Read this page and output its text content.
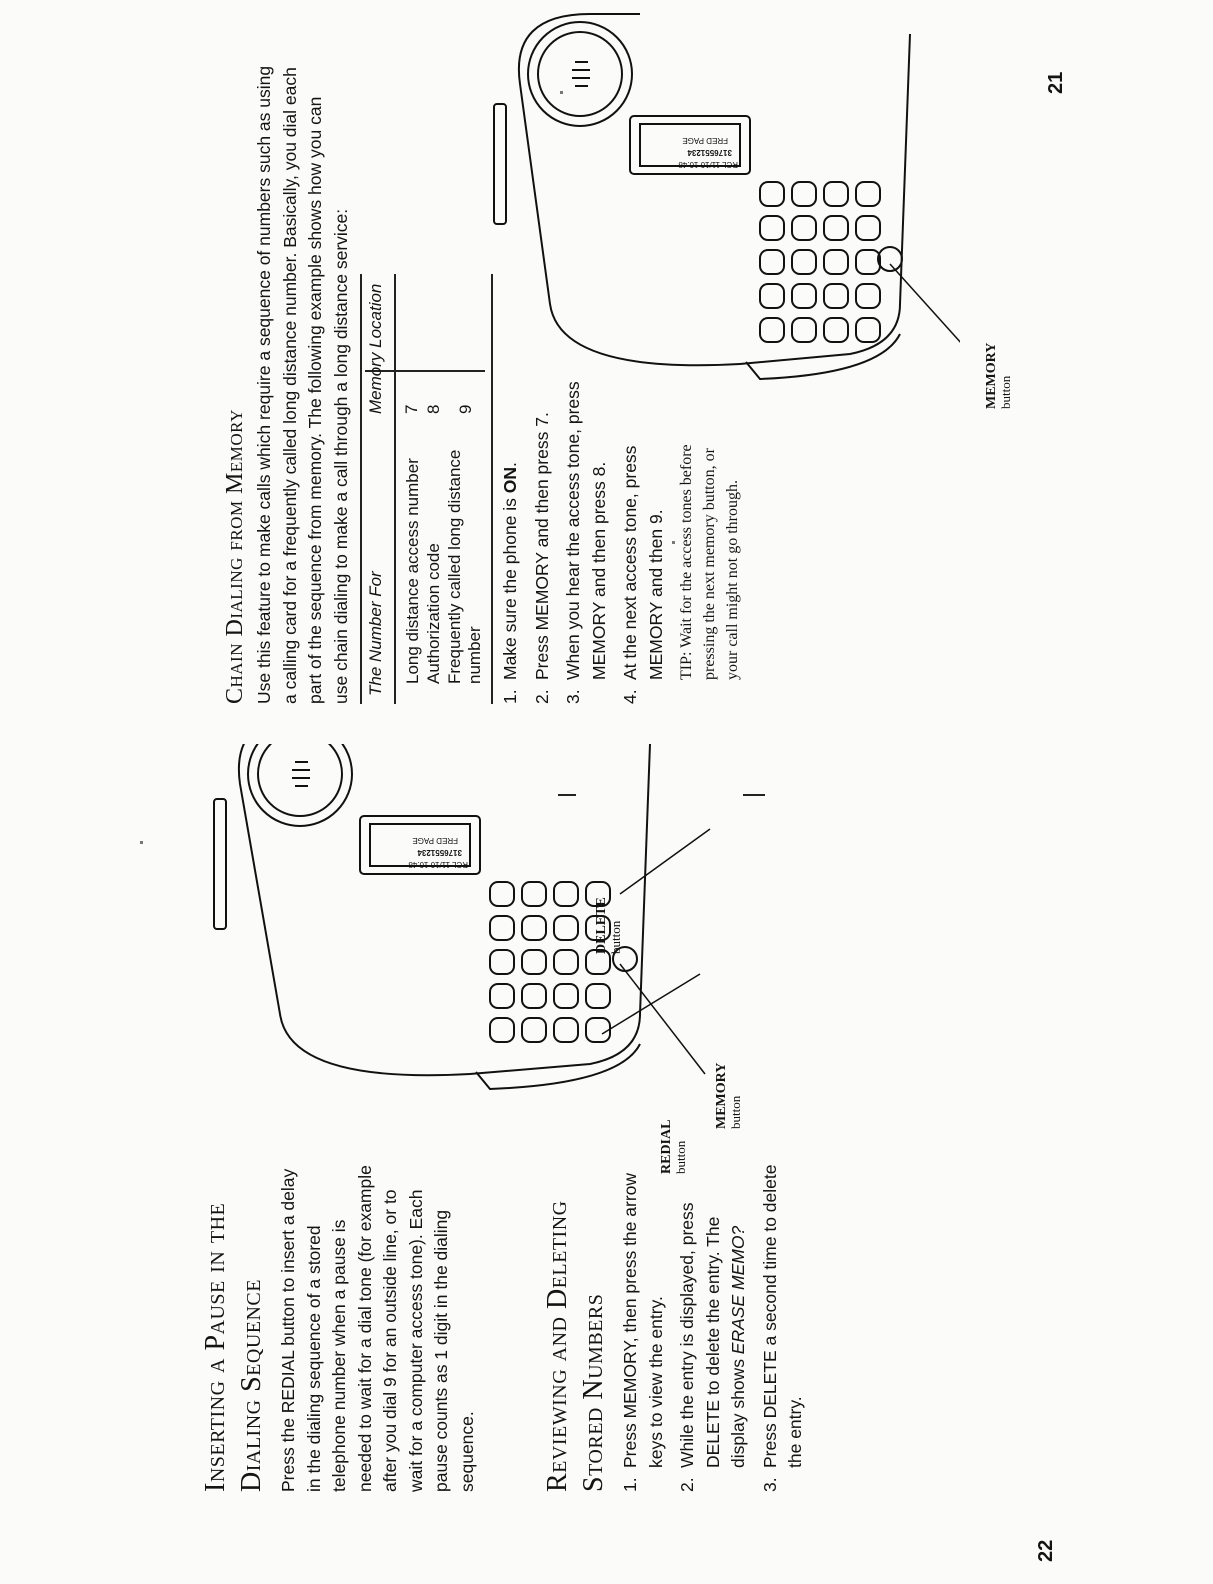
22
Inserting a Pause in the Dialing Sequence Press the REDIAL button to insert a delay in the dialing sequence of a stored telephone number when a pause is needed to wait for a dial tone (for example after you dial 9 for an outside line, or to wait for a computer access tone). Each pause counts as 1 digit in the dialing sequence. Reviewing and Deleting Stored Numbers 1.
Press MEMORY, then press the arrow keys to view the entry.
2.
While the entry is displayed, press DELETE to delete the entry. The display shows ERASE MEMO?
3.
Press DELETE a second time to delete the entry.
RCL 11/10 10:48
3176551234
FRED PAGE
REDIAL button
MEMORY button
DELETE button
21
Chain Dialing from Memory Use this feature to make calls which require a sequence of numbers such as using a calling card for a frequently called long distance number. Basically, you dial each part of the sequence from memory. The following example shows how you can use chain dialing to make a call through a long distance service: The Number For	Memory Location
Long distance access number	7
Authorization code	8
Frequently called long distance number	9
1.
Make sure the phone is ON.
2.
Press MEMORY and then press 7.
3.
When you hear the access tone, press MEMORY and then press 8.
4.
At the next access tone, press MEMORY and then 9. TIP: Wait for the access tones before pressing the next memory button, or your call might not go through.
RCL 11/10 10:48
3176551234
FRED PAGE
MEMORY button
